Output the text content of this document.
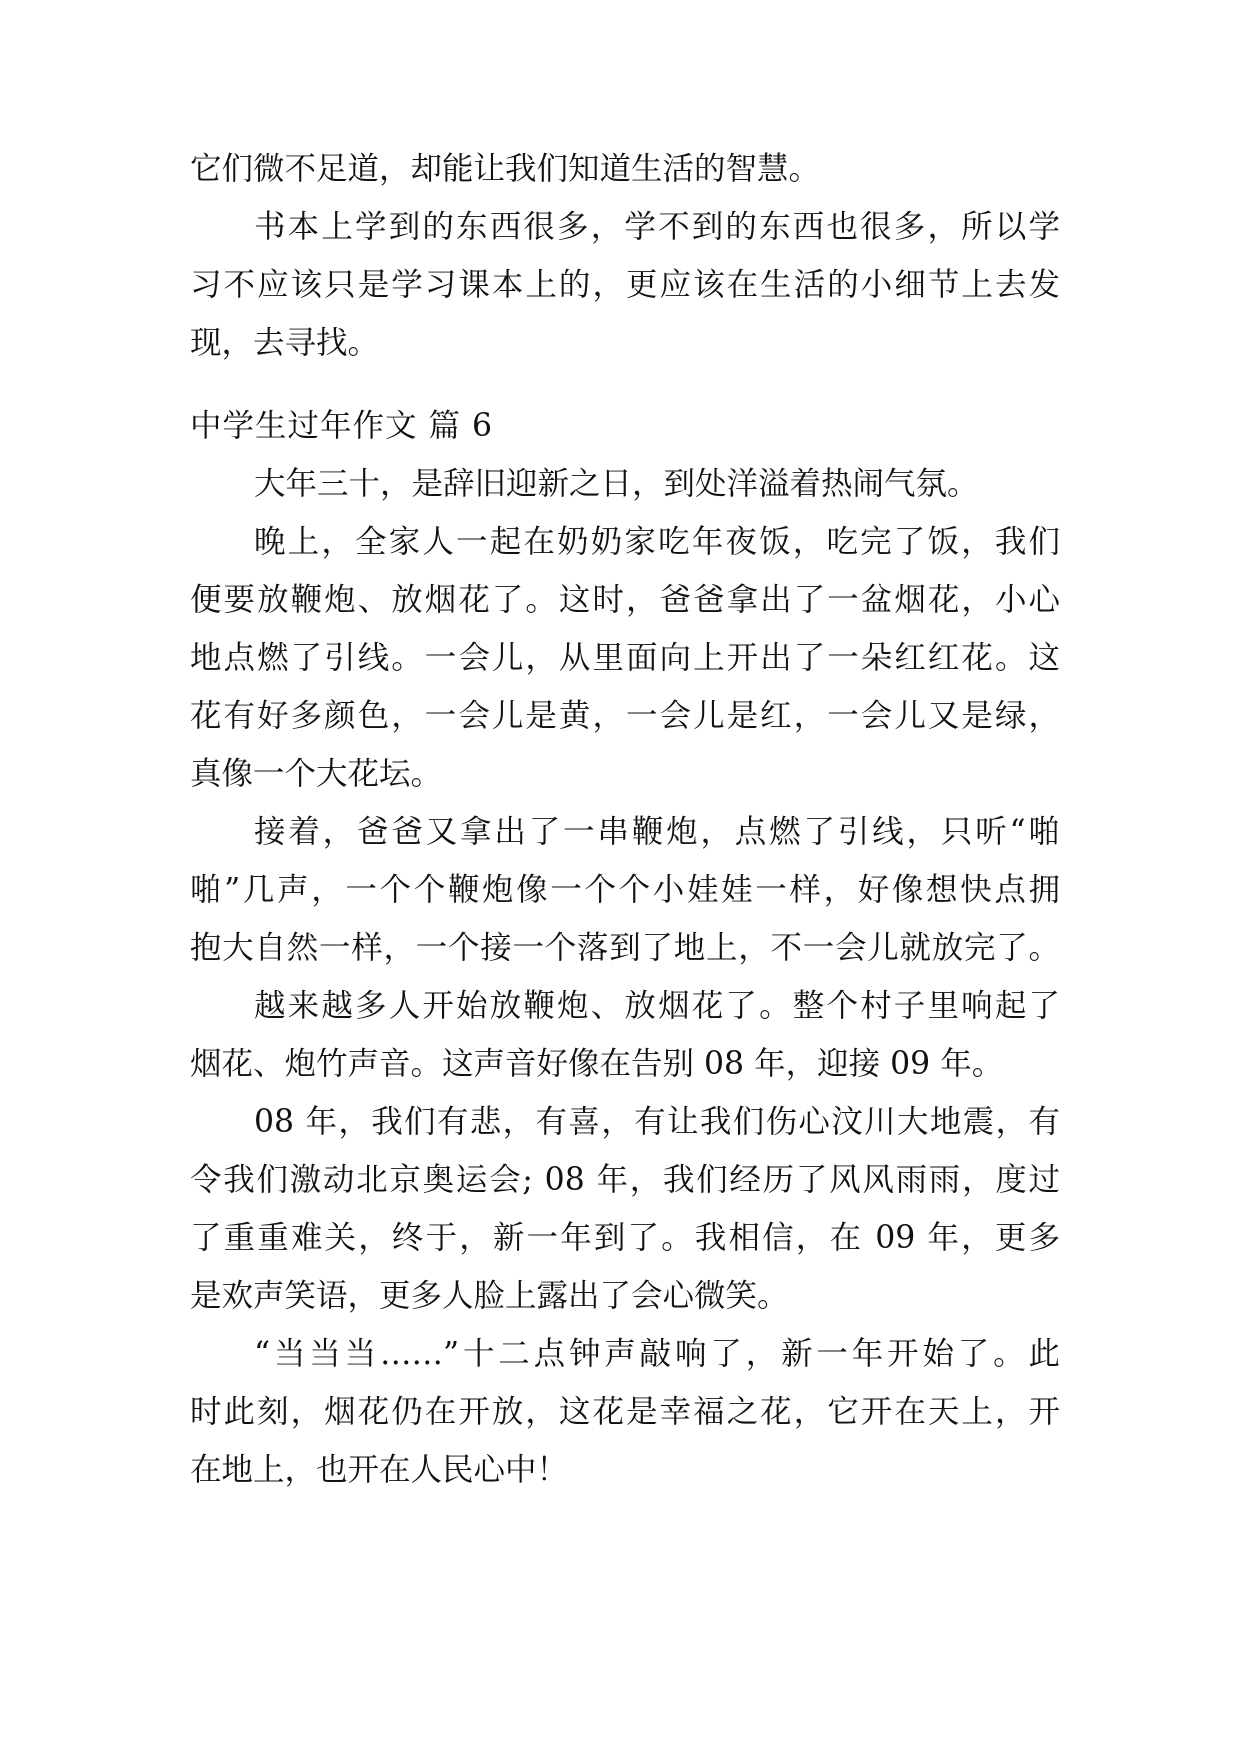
它们微不足道，却能让我们知道生活的智慧。
书本上学到的东西很多，学不到的东西也很多，所以学
习不应该只是学习课本上的，更应该在生活的小细节上去发
现，去寻找。
中学生过年作文 篇 6
大年三十，是辞旧迎新之日，到处洋溢着热闹气氛。
晚上，全家人一起在奶奶家吃年夜饭，吃完了饭，我们
便要放鞭炮、放烟花了。这时，爸爸拿出了一盆烟花，小心
地点燃了引线。一会儿，从里面向上开出了一朵红红花。这
花有好多颜色，一会儿是黄，一会儿是红，一会儿又是绿，
真像一个大花坛。
接着，爸爸又拿出了一串鞭炮，点燃了引线，只听“啪
啪”几声，一个个鞭炮像一个个小娃娃一样，好像想快点拥
抱大自然一样，一个接一个落到了地上，不一会儿就放完了。
越来越多人开始放鞭炮、放烟花了。整个村子里响起了
烟花、炮竹声音。这声音好像在告别 08 年，迎接 09 年。
08 年，我们有悲，有喜，有让我们伤心汶川大地震，有
令我们激动北京奥运会; 08 年，我们经历了风风雨雨，度过
了重重难关，终于，新一年到了。我相信，在 09 年，更多
是欢声笑语，更多人脸上露出了会心微笑。
“当当当……”十二点钟声敲响了，新一年开始了。此
时此刻，烟花仍在开放，这花是幸福之花，它开在天上，开
在地上，也开在人民心中！
